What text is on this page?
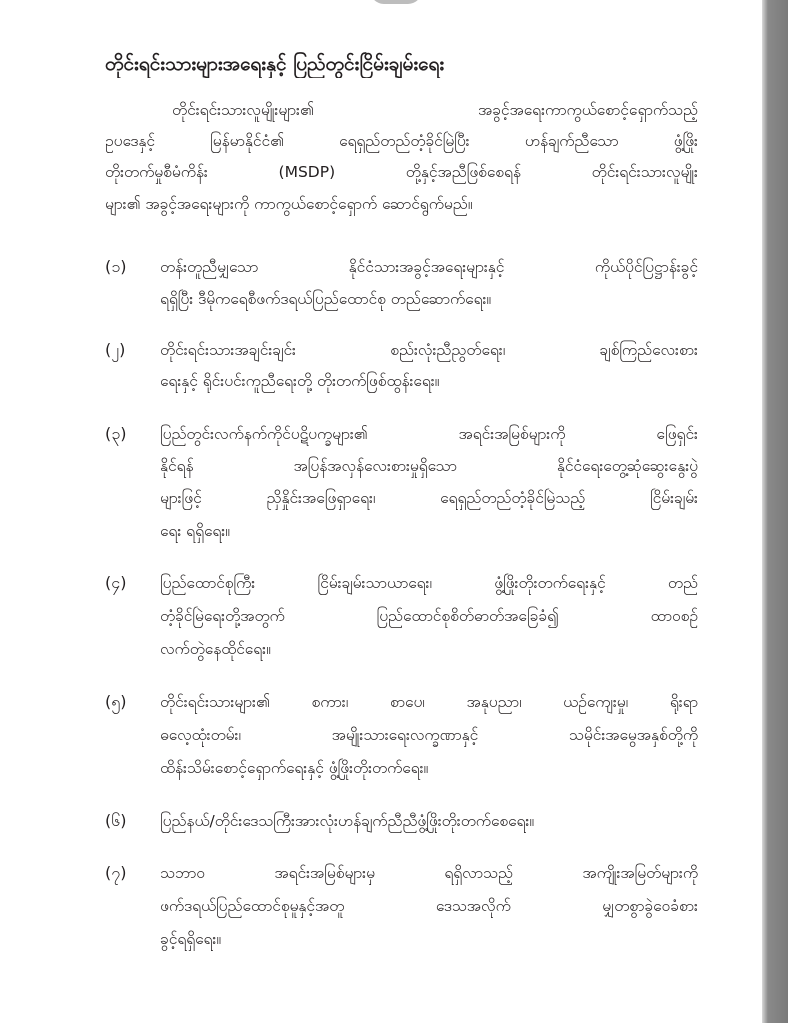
တိုင်းရင်းသားများအရေးနှင့် ပြည်တွင်းငြိမ်းချမ်းရေး
တိုင်းရင်းသားလူမျိုးများ၏ အခွင့်အရေးကာကွယ်စောင့်ရှောက်သည့်
ဥပဒေနှင့် မြန်မာနိုင်ငံ၏ ရေရှည်တည်တံ့ခိုင်မြဲပြီး ဟန်ချက်ညီသော ဖွံ့ဖြိုး
တိုးတက်မှုစီမံကိန်း (MSDP) တို့နှင့်အညီဖြစ်စေရန် တိုင်းရင်းသားလူမျိုး
များ၏ အခွင့်အရေးများကို ကာကွယ်စောင့်ရှောက် ဆောင်ရွက်မည်။
(၁) တန်းတူညီမျှသော နိုင်ငံသားအခွင့်အရေးများနှင့် ကိုယ်ပိုင်ပြဋ္ဌာန်းခွင့်
ရရှိပြီး ဒီမိုကရေစီဖက်ဒရယ်ပြည်ထောင်စု တည်ဆောက်ရေး။
(၂) တိုင်းရင်းသားအချင်းချင်း စည်းလုံးညီညွတ်ရေး၊ ချစ်ကြည်လေးစား
ရေးနှင့် ရိုင်းပင်းကူညီရေးတို့ တိုးတက်ဖြစ်ထွန်းရေး။
(၃) ပြည်တွင်းလက်နက်ကိုင်ပဋိပက္ခများ၏ အရင်းအမြစ်များကို ဖြေရှင်း
နိုင်ရန် အပြန်အလှန်လေးစားမှုရှိသော နိုင်ငံရေးတွေ့ဆုံဆွေးနွေးပွဲ
များဖြင့် ညှိနှိုင်းအဖြေရှာရေး၊ ရေရှည်တည်တံ့ခိုင်မြဲသည့် ငြိမ်းချမ်း
ရေး ရရှိရေး။
(၄) ပြည်ထောင်စုကြီး ငြိမ်းချမ်းသာယာရေး၊ ဖွံ့ဖြိုးတိုးတက်ရေးနှင့် တည်
တံ့ခိုင်မြဲရေးတို့အတွက် ပြည်ထောင်စုစိတ်ဓာတ်အခြေခံ၍ ထာဝစဉ်
လက်တွဲနေထိုင်ရေး။
(၅) တိုင်းရင်းသားများ၏ စကား၊ စာပေ၊ အနုပညာ၊ ယဉ်ကျေးမှု၊ ရိုးရာ
ဓလေ့ထုံးတမ်း၊ အမျိုးသားရေးလက္ခဏာနှင့် သမိုင်းအမွေအနှစ်တို့ကို
ထိန်းသိမ်းစောင့်ရှောက်ရေးနှင့် ဖွံ့ဖြိုးတိုးတက်ရေး။
(၆) ပြည်နယ်/တိုင်းဒေသကြီးအားလုံးဟန်ချက်ညီညီဖွံ့ဖြိုးတိုးတက်စေရေး။
(၇) သဘာဝ အရင်းအမြစ်များမှ ရရှိလာသည့် အကျိုးအမြတ်များကို
ဖက်ဒရယ်ပြည်ထောင်စုမူနှင့်အတူ ဒေသအလိုက် မျှတစွာခွဲဝေခံစား
ခွင့်ရရှိရေး။
